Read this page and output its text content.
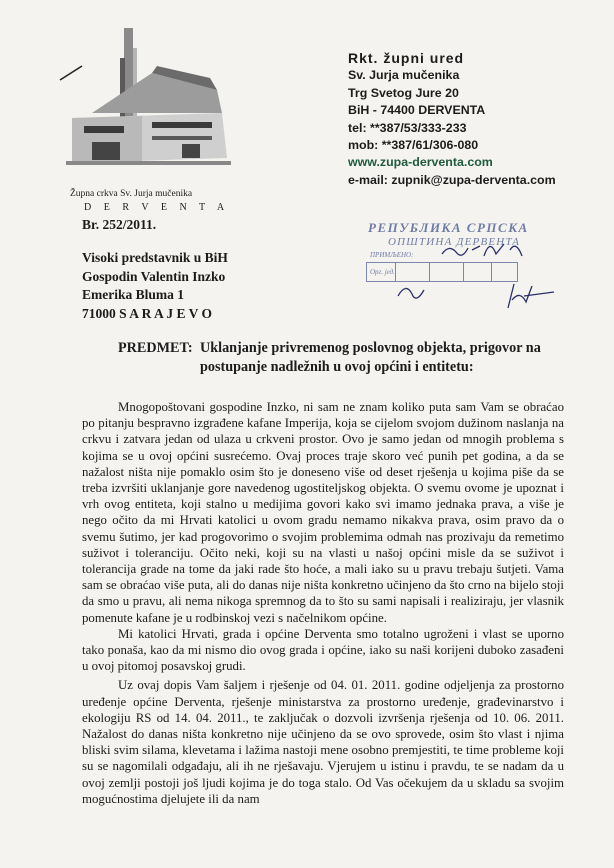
Župna crkva Sv. Jurja mučenika
D E R V E N T A
Rkt. župni ured
Sv. Jurja mučenika
Trg Svetog Jure 20
BiH - 74400 DERVENTA
tel: **387/53/333-233
mob: **387/61/306-080
www.zupa-derventa.com
e-mail: zupnik@zupa-derventa.com
Br. 252/2011.
Visoki predstavnik u BiH
Gospodin Valentin Inzko
Emerika Bluma 1
71000 S A R A J E V O
РЕПУБЛИКА СРПСКА
ОПШТИНА ДЕРВЕНТА
ПРИМЉЕНО:
Орг. јед.
PREDMET: Uklanjanje privremenog poslovnog objekta, prigovor na
postupanje nadležnih u ovoj općini i entitetu:

Mnogopoštovani gospodine Inzko, ni sam ne znam koliko puta sam Vam se obraćao po pitanju bespravno izgrađene kafane Imperija, koja se cijelom svojom dužinom naslanja na crkvu i zatvara jedan od ulaza u crkveni prostor. Ovo je samo jedan od mnogih problema s kojima se u ovoj općini susrećemo. Ovaj proces traje skoro već punih pet godina, a da se nažalost ništa nije pomaklo osim što je doneseno više od deset rješenja u kojima piše da se treba izvršiti uklanjanje gore navedenog ugostiteljskog objekta. O svemu ovome je upoznat i vrh ovog entiteta, koji stalno u medijima govori kako svi imamo jednaka prava, a više je nego očito da mi Hrvati katolici u ovom gradu nemamo nikakva prava, osim pravo da o svemu šutimo, jer kad progovorimo o svojim problemima odmah nas prozivaju da remetimo suživot i toleranciju. Očito neki, koji su na vlasti u našoj općini misle da se suživot i tolerancija grade na tome da jaki rade što hoće, a mali iako su u pravu trebaju šutjeti. Vama sam se obraćao više puta, ali do danas nije ništa konkretno učinjeno da što crno na bijelo stoji da smo u pravu, ali nema nikoga spremnog da to što su sami napisali i realiziraju, jer vlasnik pomenute kafane je u rodbinskoj vezi s načelnikom općine.

Mi katolici Hrvati, grada i općine Derventa smo totalno ugroženi i vlast se uporno tako ponaša, kao da mi nismo dio ovog grada i općine, iako su naši korijeni duboko zasađeni u ovoj pitomoj posavskoj grudi.

Uz ovaj dopis Vam šaljem i rješenje od 04. 01. 2011. godine odjeljenja za prostorno uređenje općine Derventa, rješenje ministarstva za prostorno uređenje, građevinarstvo i ekologiju RS od 14. 04. 2011., te zaključak o dozvoli izvršenja rješenja od 10. 06. 2011. Nažalost do danas ništa konkretno nije učinjeno da se ovo sprovede, osim što vlast i njima bliski svim silama, klevetama i lažima nastoji mene osobno premjestiti, te time probleme koji su se nagomilali odgađaju, ali ih ne rješavaju. Vjerujem u istinu i pravdu, te se nadam da u ovoj zemlji postoji još ljudi kojima je do toga stalo. Od Vas očekujem da u skladu sa svojim mogućnostima djelujete ili da nam
